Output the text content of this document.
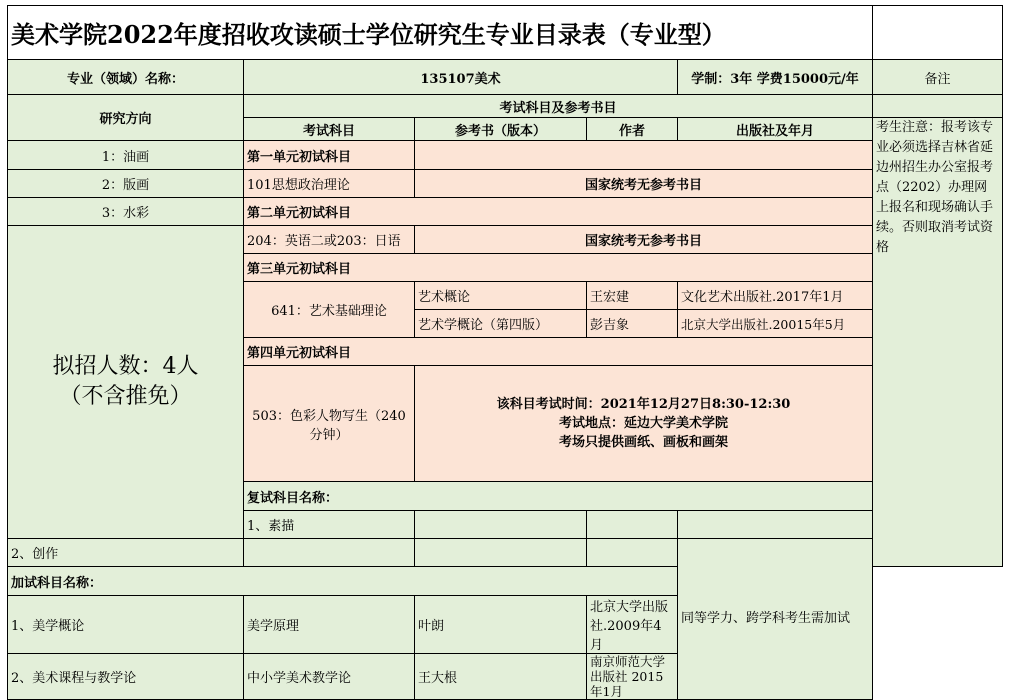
美术学院2022年度招收攻读硕士学位研究生专业目录表（专业型）					
专业（领域）名称：	135107美术			学制：3年 学费15000元/年	备注
研究方向	考试科目及参考书目				
	考试科目	参考书（版本）	作者	出版社及年月	考生注意：报考该专业必须选择吉林省延边州招生办公室报考点（2202）办理网上报名和现场确认手续。否则取消考试资格
1：油画	第一单元初试科目				
2：版画	101思想政治理论	国家统考无参考书目			
3：水彩	第二单元初试科目				

拟招人数：4人
（不含推免）	204：英语二或203：日语	国家统考无参考书目			
	第三单元初试科目				
	641：艺术基础理论	艺术概论	王宏建	文化艺术出版社.2017年1月	
		艺术学概论（第四版）	彭吉象	北京大学出版社.20015年5月	
	第四单元初试科目				
	503：色彩人物写生（240分钟）	该科目考试时间：2021年12月27日8:30-12:30
考试地点：延边大学美术学院
考场只提供画纸、画板和画架			

	复试科目名称：				
	1、素描				
2、创作				同等学力、跨学科考生需加试	
加试科目名称：					
1、美学概论	美学原理	叶朗	北京大学出版社.2009年4月		
2、美术课程与教学论	中小学美术教学论	王大根	南京师范大学出版社 2015年1月		
